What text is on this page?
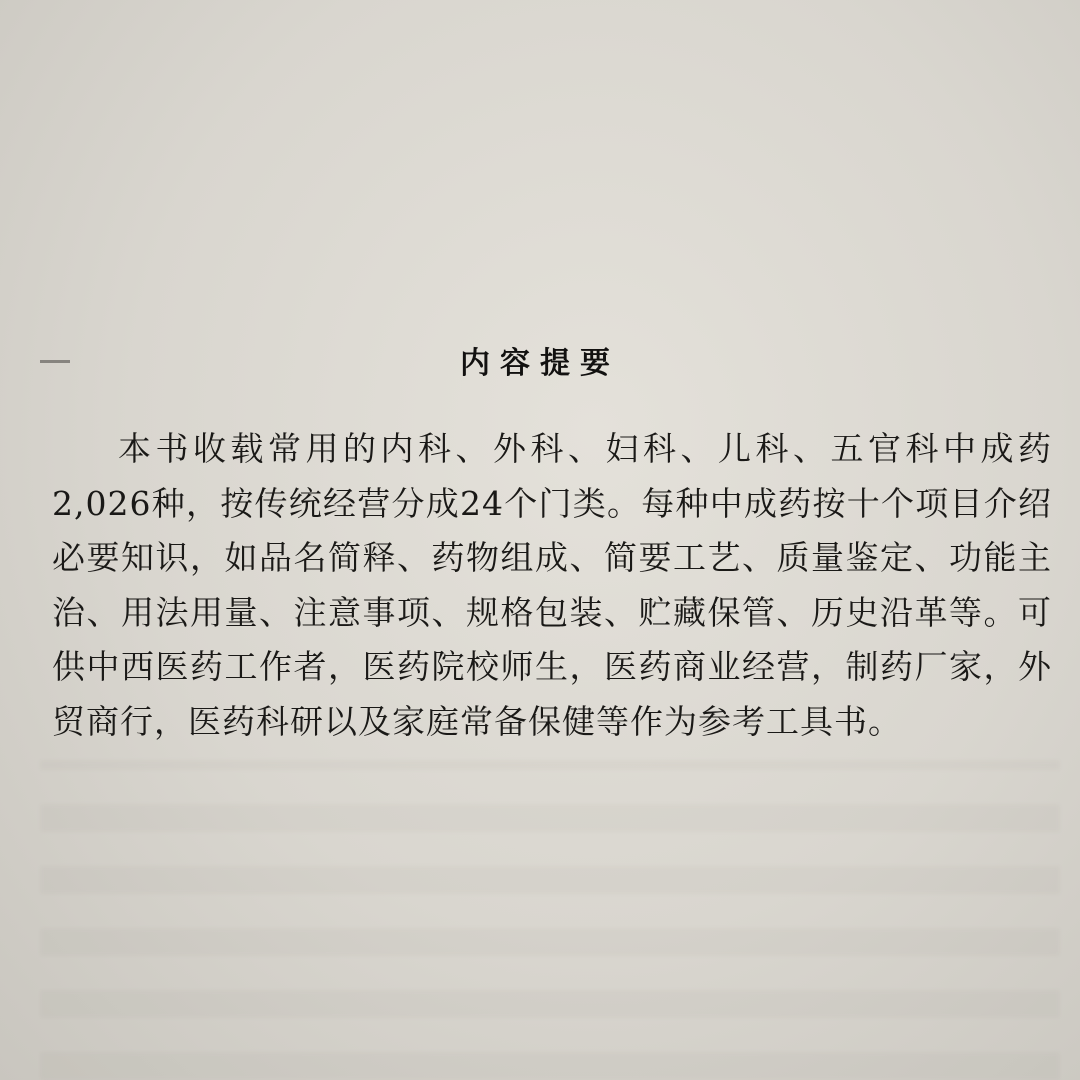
内容提要
本书收载常用的内科、外科、妇科、儿科、五官科中成药2,026种，按传统经营分成24个门类。每种中成药按十个项目介绍必要知识，如品名简释、药物组成、简要工艺、质量鉴定、功能主治、用法用量、注意事项、规格包装、贮藏保管、历史沿革等。可供中西医药工作者，医药院校师生，医药商业经营，制药厂家，外贸商行，医药科研以及家庭常备保健等作为参考工具书。
